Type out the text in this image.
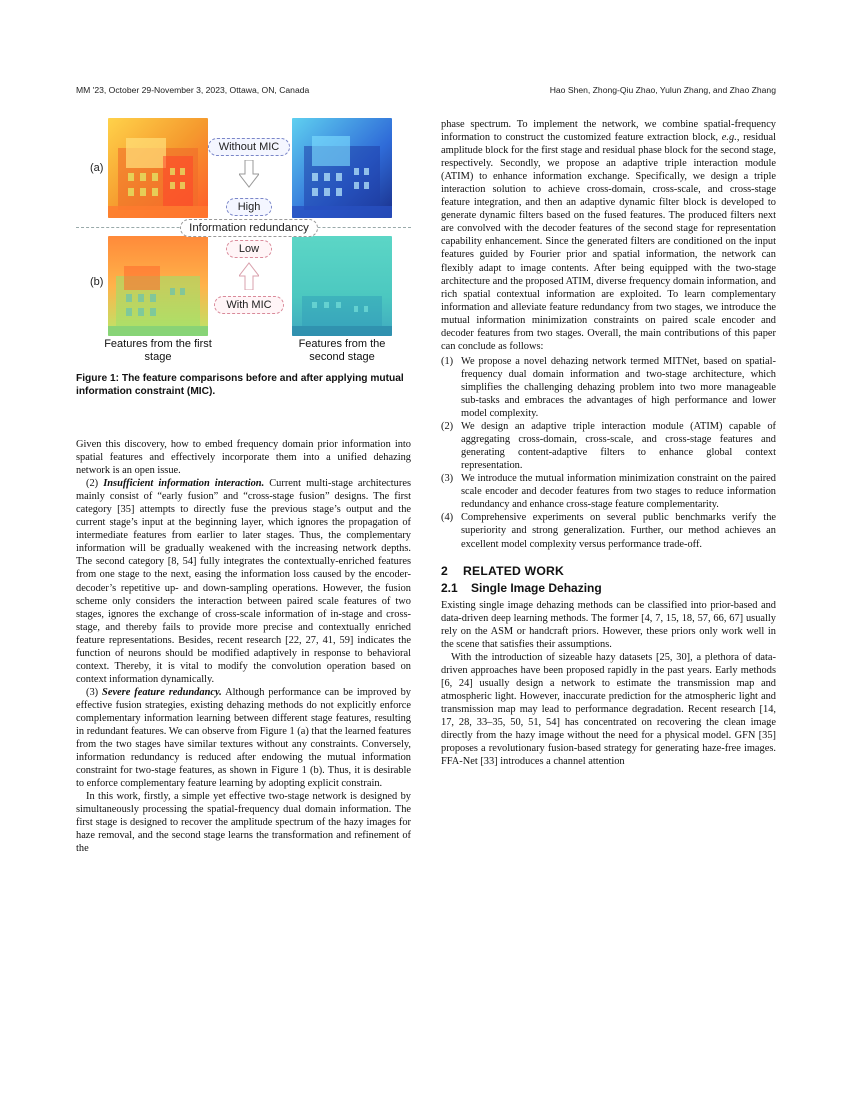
MM '23, October 29-November 3, 2023, Ottawa, ON, Canada	Hao Shen, Zhong-Qiu Zhao, Yulun Zhang, and Zhao Zhang
(a)
(b)
Without MIC
High
Information redundancy
Low
With MIC
Features from the first stage
Features from the second stage
Figure 1: The feature comparisons before and after applying mutual information constraint (MIC).

Given this discovery, how to embed frequency domain prior information into spatial features and effectively incorporate them into a unified dehazing network is an open issue.

(2) Insufficient information interaction. Current multi-stage architectures mainly consist of “early fusion” and “cross-stage fusion” designs. The first category [35] attempts to directly fuse the previous stage’s output and the current stage’s input at the beginning layer, which ignores the propagation of intermediate features from earlier to later stages. Thus, the complementary information will be gradually weakened with the increasing network depths. The second category [8, 54] fully integrates the contextually-enriched features from one stage to the next, easing the information loss caused by the encoder-decoder’s repetitive up- and down-sampling operations. However, the fusion scheme only considers the interaction between paired scale features of two stages, ignores the exchange of cross-scale information of in-stage and cross-stage, and thereby fails to provide more precise and contextually enriched feature representations. Besides, recent research [22, 27, 41, 59] indicates the function of neurons should be modified adaptively in response to behavioral context. Thereby, it is vital to modify the convolution operation based on context information dynamically.

(3) Severe feature redundancy. Although performance can be improved by effective fusion strategies, existing dehazing methods do not explicitly enforce complementary information learning between different stage features, resulting in redundant features. We can observe from Figure 1 (a) that the learned features from the two stages have similar textures without any constraints. Conversely, information redundancy is reduced after endowing the mutual information constraint for two-stage features, as shown in Figure 1 (b). Thus, it is desirable to enforce complementary feature learning by adopting explicit constrain.

In this work, firstly, a simple yet effective two-stage network is designed by simultaneously processing the spatial-frequency dual domain information. The first stage is designed to recover the amplitude spectrum of the hazy images for haze removal, and the second stage learns the transformation and refinement of the

phase spectrum. To implement the network, we combine spatial-frequency information to construct the customized feature extraction block, e.g., residual amplitude block for the first stage and residual phase block for the second stage, respectively. Secondly, we propose an adaptive triple interaction module (ATIM) to enhance information exchange. Specifically, we design a triple interaction solution to achieve cross-domain, cross-scale, and cross-stage feature integration, and then an adaptive dynamic filter block is developed to generate dynamic filters based on the fused features. The produced filters next are convolved with the decoder features of the second stage for representation capability enhancement. Since the generated filters are conditioned on the input features guided by Fourier prior and spatial information, the network can flexibly adapt to image contents. After being equipped with the two-stage architecture and the proposed ATIM, diverse frequency domain information, and rich spatial contextual information are exploited. To learn complementary information and alleviate feature redundancy from two stages, we introduce the mutual information minimization constraints on paired scale encoder and decoder features from two stages. Overall, the main contributions of this paper can conclude as follows:

(1) We propose a novel dehazing network termed MITNet, based on spatial-frequency dual domain information and two-stage architecture, which simplifies the challenging dehazing problem into two more manageable sub-tasks and embraces the advantages of high performance and lower model complexity.
(2) We design an adaptive triple interaction module (ATIM) capable of aggregating cross-domain, cross-scale, and cross-stage features and generating content-adaptive filters to enhance global context representation.
(3) We introduce the mutual information minimization constraint on the paired scale encoder and decoder features from two stages to reduce information redundancy and enhance cross-stage feature complementarity.
(4) Comprehensive experiments on several public benchmarks verify the superiority and strong generalization. Further, our method achieves an excellent model complexity versus performance trade-off.
2 RELATED WORK
2.1 Single Image Dehazing

Existing single image dehazing methods can be classified into prior-based and data-driven deep learning methods. The former [4, 7, 15, 18, 57, 66, 67] usually rely on the ASM or handcraft priors. However, these priors only work well in the scene that satisfies their assumptions.

With the introduction of sizeable hazy datasets [25, 30], a plethora of data-driven approaches have been proposed rapidly in the past years. Early methods [6, 24] usually design a network to estimate the transmission map and atmospheric light. However, inaccurate prediction for the atmospheric light and transmission map may lead to performance degradation. Recent research [14, 17, 28, 33–35, 50, 51, 54] has concentrated on recovering the clean image directly from the hazy image without the need for a physical model. GFN [35] proposes a revolutionary fusion-based strategy for generating haze-free images. FFA-Net [33] introduces a channel attention
